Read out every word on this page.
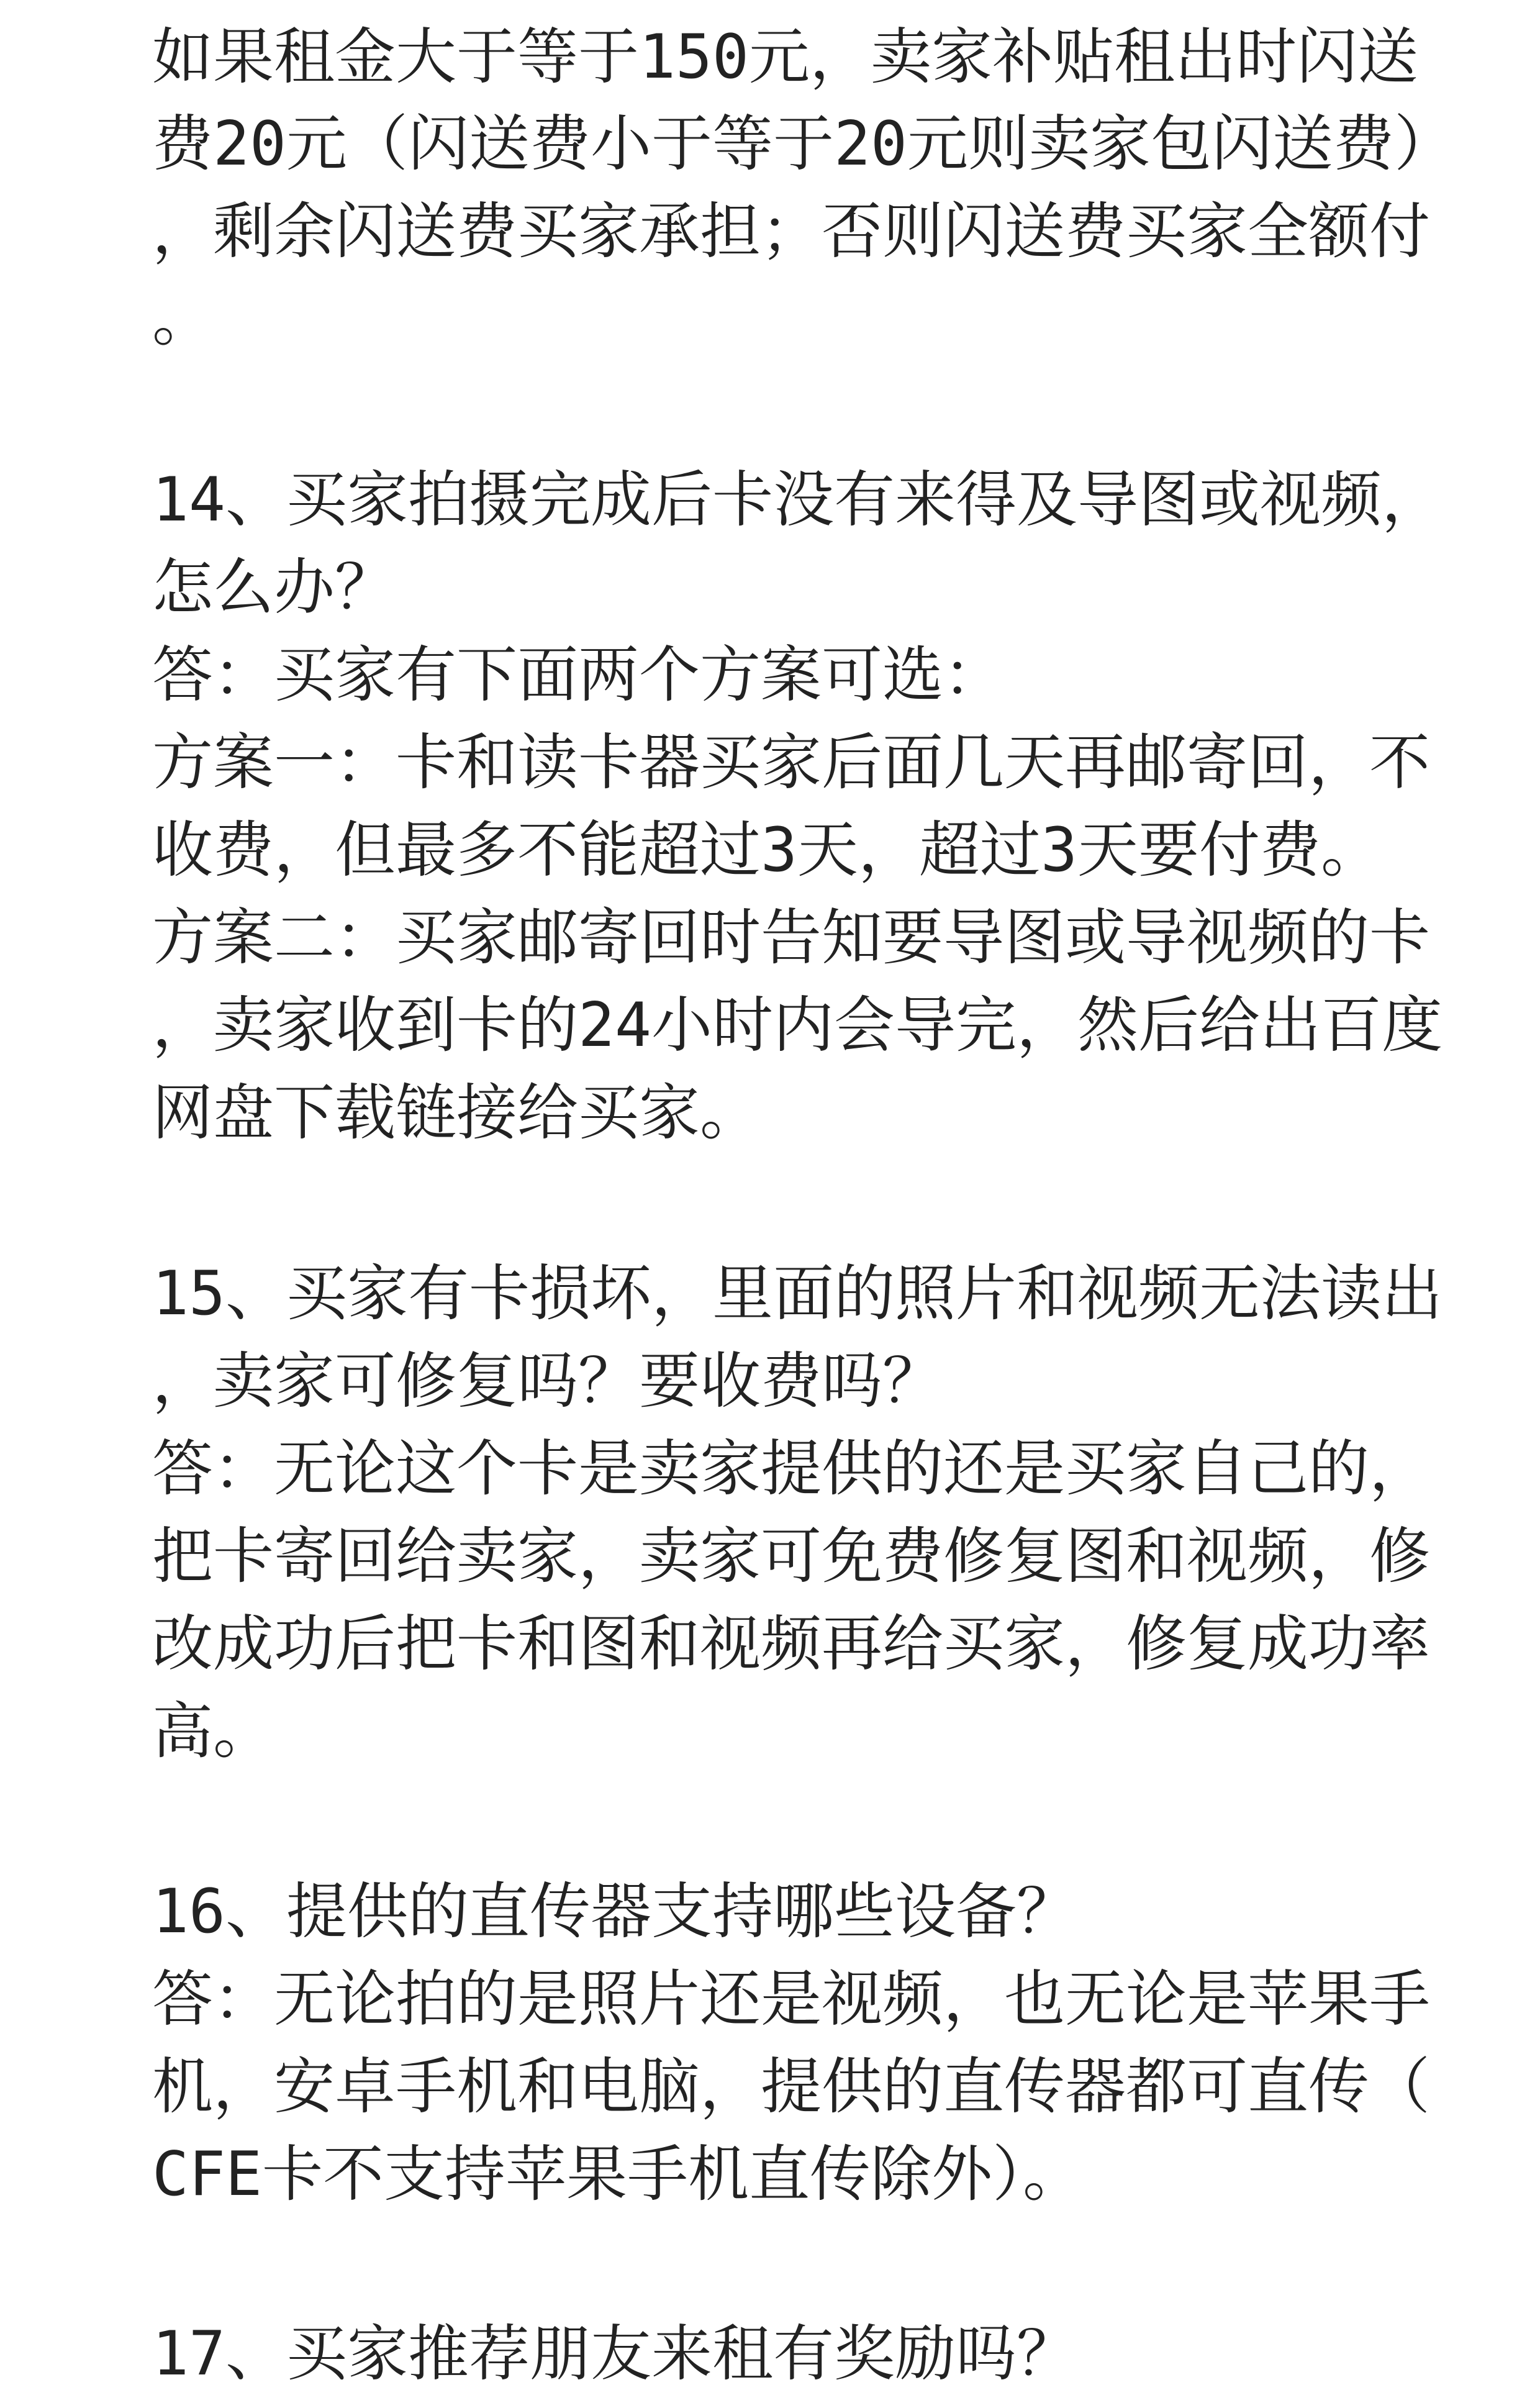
如果租金大于等于150元，卖家补贴租出时闪送

费20元（闪送费小于等于20元则卖家包闪送费）

，剩余闪送费买家承担；否则闪送费买家全额付

。

14、买家拍摄完成后卡没有来得及导图或视频，

怎么办？

答：买家有下面两个方案可选：

方案一：卡和读卡器买家后面几天再邮寄回，不

收费，但最多不能超过3天，超过3天要付费。

方案二：买家邮寄回时告知要导图或导视频的卡

，卖家收到卡的24小时内会导完，然后给出百度

网盘下载链接给买家。

15、买家有卡损坏，里面的照片和视频无法读出

，卖家可修复吗？要收费吗？

答：无论这个卡是卖家提供的还是买家自己的，

把卡寄回给卖家，卖家可免费修复图和视频，修

改成功后把卡和图和视频再给买家，修复成功率

高。

16、提供的直传器支持哪些设备？

答：无论拍的是照片还是视频，也无论是苹果手

机，安卓手机和电脑，提供的直传器都可直传（

CFE卡不支持苹果手机直传除外）。

17、买家推荐朋友来租有奖励吗？
